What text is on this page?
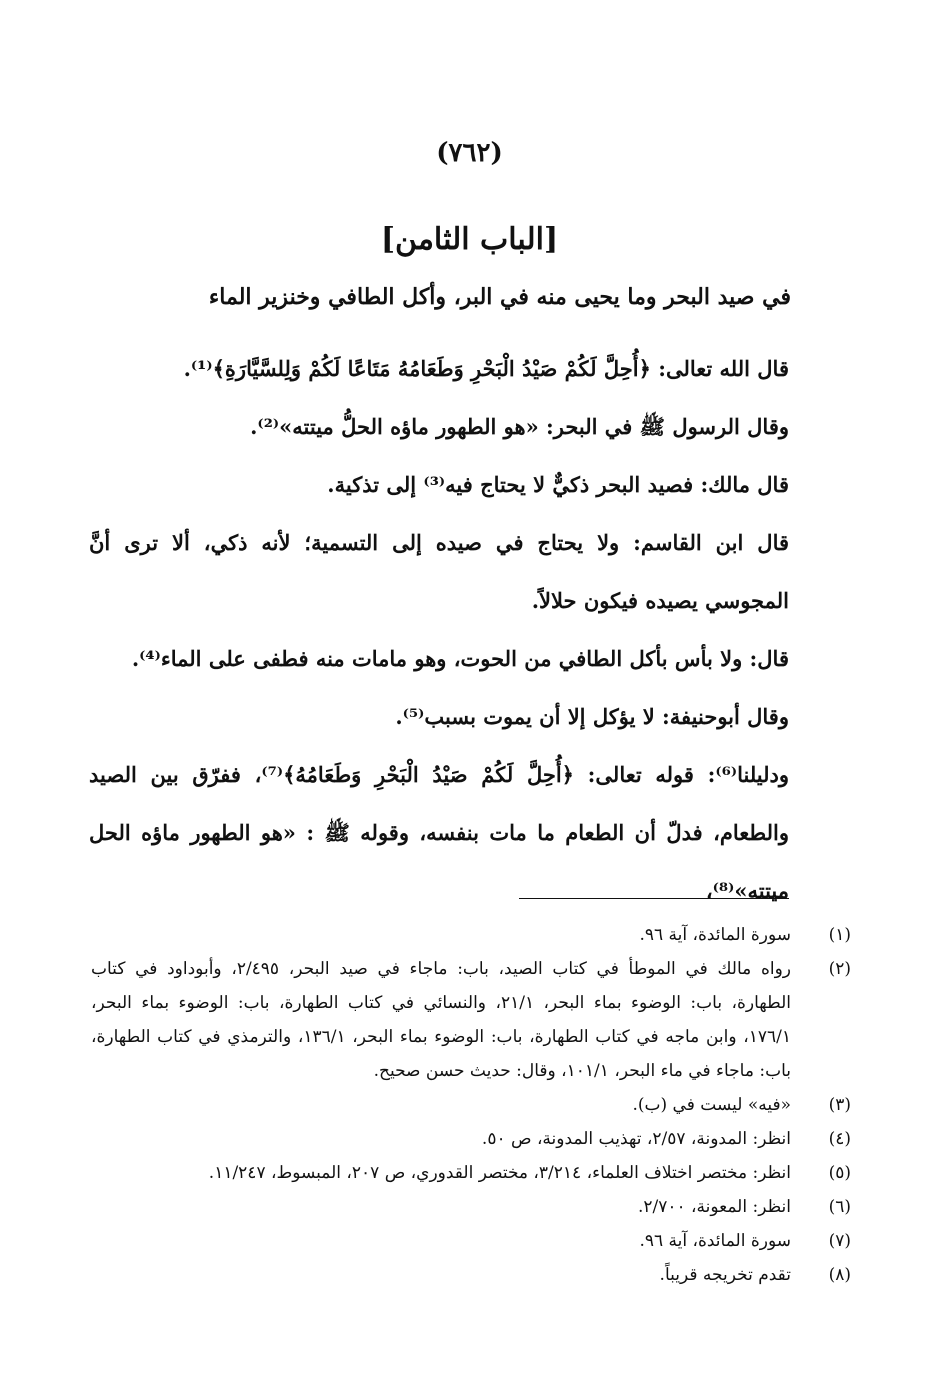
(٧٦٢)
[الباب الثامن]
في صيد البحر وما يحيى منه في البر، وأكل الطافي وخنزير الماء

قال الله تعالى: ﴿أُحِلَّ لَكُمْ صَيْدُ الْبَحْرِ وَطَعَامُهُ مَتَاعًا لَكُمْ وَلِلسَّيَّارَةِ﴾⁽¹⁾.

وقال الرسول ﷺ في البحر: «هو الطهور ماؤه الحلُّ ميتته»⁽²⁾.

قال مالك: فصيد البحر ذكيٌّ لا يحتاج فيه⁽³⁾ إلى تذكية.

قال ابن القاسم: ولا يحتاج في صيده إلى التسمية؛ لأنه ذكي، ألا ترى أنَّ المجوسي يصيده فيكون حلالاً.

قال: ولا بأس بأكل الطافي من الحوت، وهو مامات منه فطفى على الماء⁽⁴⁾.

وقال أبوحنيفة: لا يؤكل إلا أن يموت بسبب⁽⁵⁾.

ودليلنا⁽⁶⁾: قوله تعالى: ﴿أُحِلَّ لَكُمْ صَيْدُ الْبَحْرِ وَطَعَامُهُ﴾⁽⁷⁾، ففرّق بين الصيد والطعام، فدلّ أن الطعام ما مات بنفسه، وقوله ﷺ : «هو الطهور ماؤه الحل ميتته»⁽⁸⁾،

(١)
سورة المائدة، آية ٩٦.
(٢)
رواه مالك في الموطأ في كتاب الصيد، باب: ماجاء في صيد البحر، ٢/٤٩٥، وأبوداود في كتاب الطهارة، باب: الوضوء بماء البحر، ٢١/١، والنسائي في كتاب الطهارة، باب: الوضوء بماء البحر، ١٧٦/١، وابن ماجه في كتاب الطهارة، باب: الوضوء بماء البحر، ١٣٦/١، والترمذي في كتاب الطهارة، باب: ماجاء في ماء البحر، ١٠١/١، وقال: حديث حسن صحيح.
(٣)
«فيه» ليست في (ب).
(٤)
انظر: المدونة، ٢/٥٧، تهذيب المدونة، ص ٥٠.
(٥)
انظر: مختصر اختلاف العلماء، ٣/٢١٤، مختصر القدوري، ص ٢٠٧، المبسوط، ١١/٢٤٧.
(٦)
انظر: المعونة، ٢/٧٠٠.
(٧)
سورة المائدة، آية ٩٦.
(٨)
تقدم تخريجه قريباً.
